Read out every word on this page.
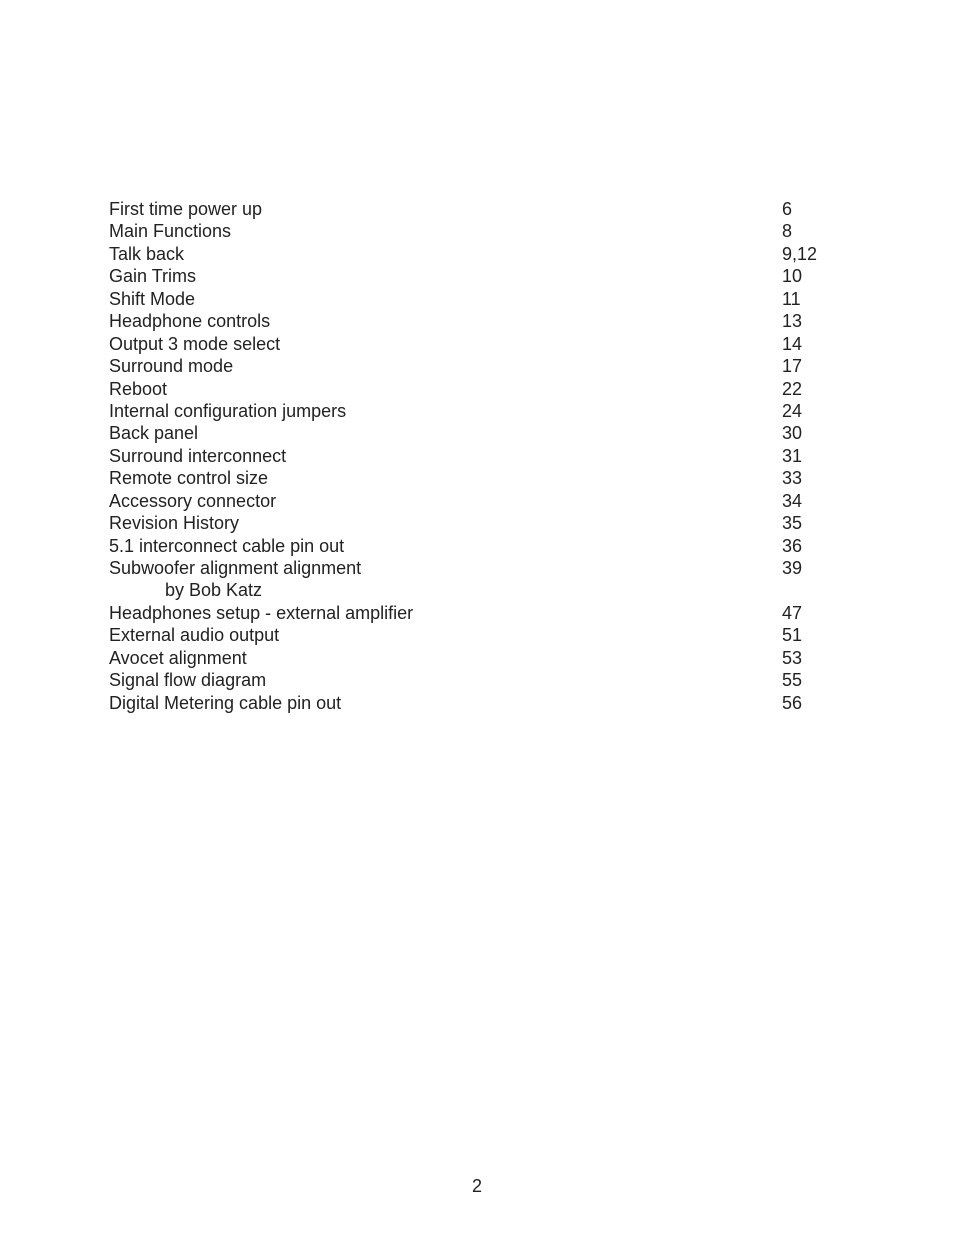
First time power up	6
Main Functions	8
Talk back	9,12
Gain Trims	10
Shift Mode	11
Headphone controls	13
Output 3 mode select	14
Surround mode	17
Reboot	22
Internal configuration jumpers	24
Back panel	30
Surround interconnect	31
Remote control size	33
Accessory connector	34
Revision History	35
5.1 interconnect cable pin out	36
Subwoofer alignment alignment	39
by Bob Katz
Headphones setup - external amplifier	47
External audio output	51
Avocet alignment	53
Signal flow diagram	55
Digital Metering cable pin out	56
2
